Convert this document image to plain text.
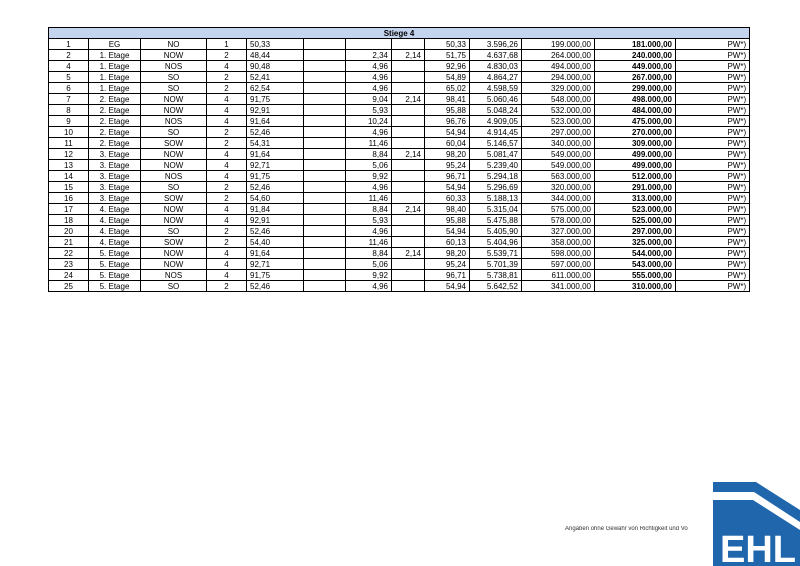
Stiege 4												
1	EG	NO	1	50,33				50,33	3.596,26	199.000,00	181.000,00	PW*)
2	1. Etage	NOW	2	48,44		2,34	2,14	51,75	4.637,68	264.000,00	240.000,00	PW*)
4	1. Etage	NOS	4	90,48		4,96		92,96	4.830,03	494.000,00	449.000,00	PW*)
5	1. Etage	SO	2	52,41		4,96		54,89	4.864,27	294.000,00	267.000,00	PW*)
6	1. Etage	SO	2	62,54		4,96		65,02	4.598,59	329.000,00	299.000,00	PW*)
7	2. Etage	NOW	4	91,75		9,04	2,14	98,41	5.060,46	548.000,00	498.000,00	PW*)
8	2. Etage	NOW	4	92,91		5,93		95,88	5.048,24	532.000,00	484.000,00	PW*)
9	2. Etage	NOS	4	91,64		10,24		96,76	4.909,05	523.000,00	475.000,00	PW*)
10	2. Etage	SO	2	52,46		4,96		54,94	4.914,45	297.000,00	270.000,00	PW*)
11	2. Etage	SOW	2	54,31		11,46		60,04	5.146,57	340.000,00	309.000,00	PW*)
12	3. Etage	NOW	4	91,64		8,84	2,14	98,20	5.081,47	549.000,00	499.000,00	PW*)
13	3. Etage	NOW	4	92,71		5,06		95,24	5.239,40	549.000,00	499.000,00	PW*)
14	3. Etage	NOS	4	91,75		9,92		96,71	5.294,18	563.000,00	512.000,00	PW*)
15	3. Etage	SO	2	52,46		4,96		54,94	5.296,69	320.000,00	291.000,00	PW*)
16	3. Etage	SOW	2	54,60		11,46		60,33	5.188,13	344.000,00	313.000,00	PW*)
17	4. Etage	NOW	4	91,84		8,84	2,14	98,40	5.315,04	575.000,00	523.000,00	PW*)
18	4. Etage	NOW	4	92,91		5,93		95,88	5.475,88	578.000,00	525.000,00	PW*)
20	4. Etage	SO	2	52,46		4,96		54,94	5.405,90	327.000,00	297.000,00	PW*)
21	4. Etage	SOW	2	54,40		11,46		60,13	5.404,96	358.000,00	325.000,00	PW*)
22	5. Etage	NOW	4	91,64		8,84	2,14	98,20	5.539,71	598.000,00	544.000,00	PW*)
23	5. Etage	NOW	4	92,71		5,06		95,24	5.701,39	597.000,00	543.000,00	PW*)
24	5. Etage	NOS	4	91,75		9,92		96,71	5.738,81	611.000,00	555.000,00	PW*)
25	5. Etage	SO	2	52,46		4,96		54,94	5.642,52	341.000,00	310.000,00	PW*)
Angaben ohne Gewähr von Richtigkeit und Vo EHL
